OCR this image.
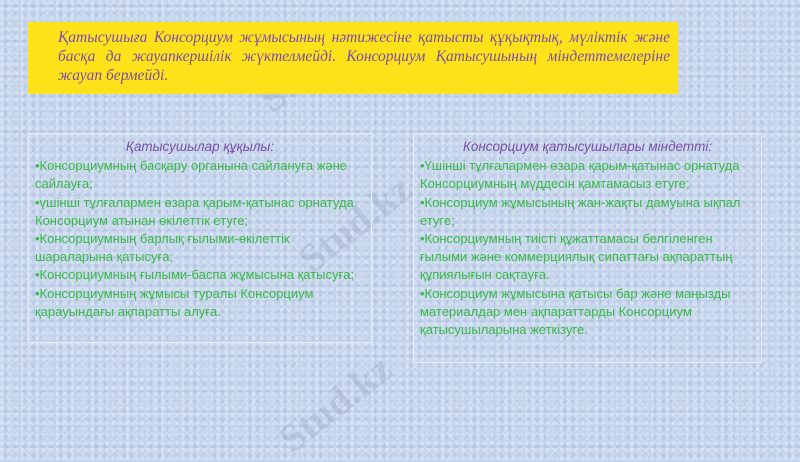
Stud.kz
Stud.kz
Қатысушыға Консорциум жұмысының нәтижесіне қатысты құқықтық, мүліктік және басқа да жауапкершілік жүктелмейді. Консорциум Қатысушының міндеттемелеріне жауап бермейді.
Қатысушылар құқылы:
•Консорциумның басқару органына сайлануға және сайлауға;
•үшінші тұлғалармен өзара қарым-қатынас орнатуда Консорциум атынан өкілеттік етуге;
•Консорциумның барлық ғылыми-өкілеттік шараларына қатысуға;
•Консорциумның ғылыми-баспа жұмысына қатысуға;
•Консорциумның жұмысы туралы Консорциум қарауындағы ақпаратты алуға.
Консорциум қатысушылары міндетті:
•Үшінші тұлғалармен өзара қарым-қатынас орнатуда Консорциумның мүддесін қамтамасыз етуге;
•Консорциум жұмысының жан-жақты дамуына ықпал етуге;
•Консорциумның тиісті құжаттамасы белгіленген ғылыми және коммерциялық сипаттағы ақпараттың құпиялығын сақтауға.
•Консорциум жұмысына қатысы бар және маңызды материалдар мен ақпараттарды Консорциум қатысушыларына жеткізуге.
